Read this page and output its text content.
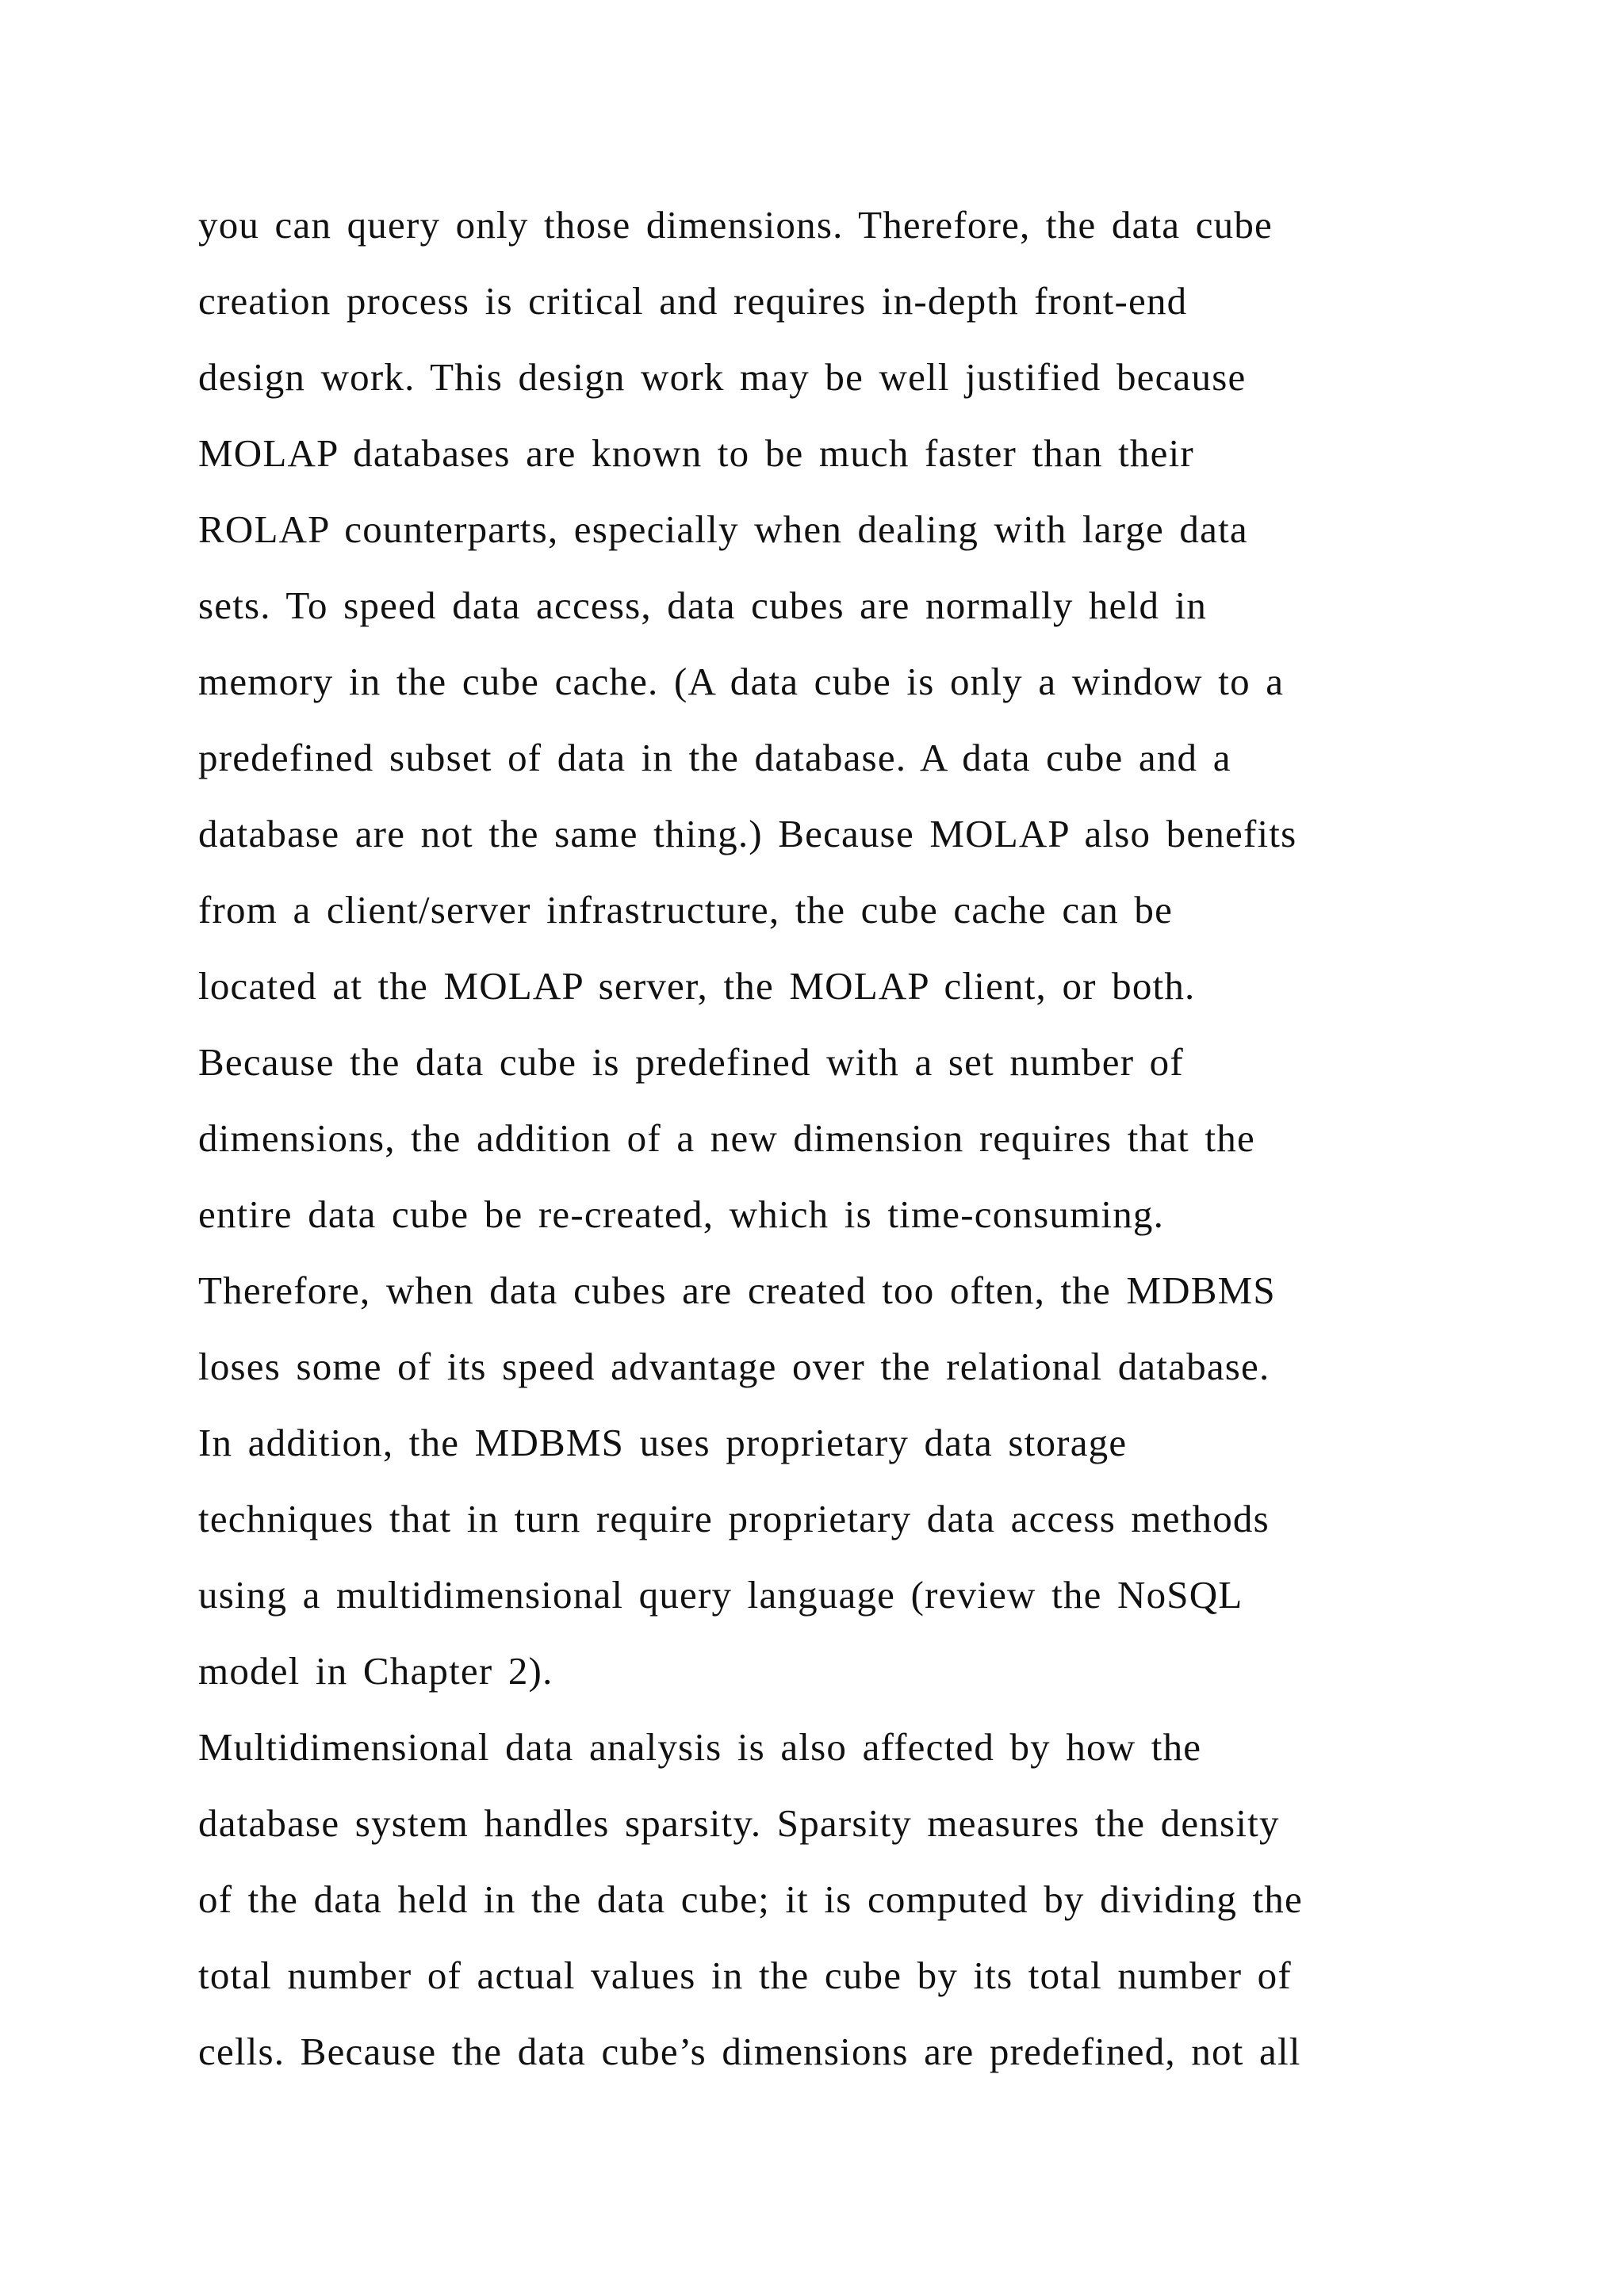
you can query only those dimensions. Therefore, the data cube
creation process is critical and requires in-depth front-end
design work. This design work may be well justified because
MOLAP databases are known to be much faster than their
ROLAP counterparts, especially when dealing with large data
sets. To speed data access, data cubes are normally held in
memory in the cube cache. (A data cube is only a window to a
predefined subset of data in the database. A data cube and a
database are not the same thing.) Because MOLAP also benefits
from a client/server infrastructure, the cube cache can be
located at the MOLAP server, the MOLAP client, or both.
Because the data cube is predefined with a set number of
dimensions, the addition of a new dimension requires that the
entire data cube be re-created, which is time-consuming.
Therefore, when data cubes are created too often, the MDBMS
loses some of its speed advantage over the relational database.
In addition, the MDBMS uses proprietary data storage
techniques that in turn require proprietary data access methods
using a multidimensional query language (review the NoSQL
model in Chapter 2).
Multidimensional data analysis is also affected by how the
database system handles sparsity. Sparsity measures the density
of the data held in the data cube; it is computed by dividing the
total number of actual values in the cube by its total number of
cells. Because the data cube’s dimensions are predefined, not all
